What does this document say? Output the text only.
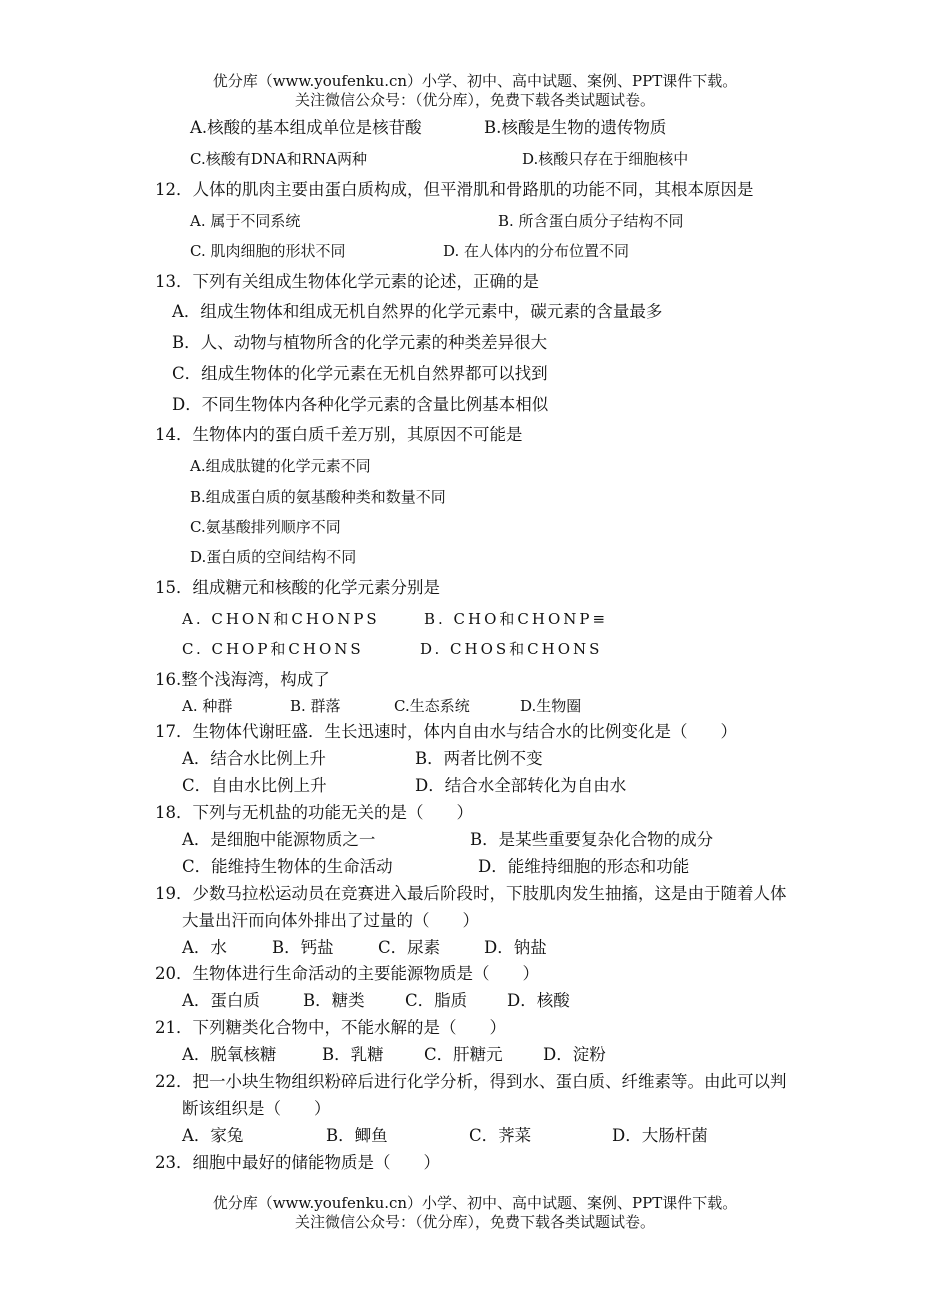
优分库（www.youfenku.cn）小学、初中、高中试题、案例、PPT课件下载。
关注微信公众号：（优分库），免费下载各类试题试卷。
A.核酸的基本组成单位是核苷酸	B.核酸是生物的遗传物质
C.核酸有DNA和RNA两种	D.核酸只存在于细胞核中
12．人体的肌肉主要由蛋白质构成，但平滑肌和骨路肌的功能不同，其根本原因是
A. 属于不同系统	B. 所含蛋白质分子结构不同
C. 肌肉细胞的形状不同	D. 在人体内的分布位置不同
13．下列有关组成生物体化学元素的论述，正确的是
A．组成生物体和组成无机自然界的化学元素中，碳元素的含量最多
B．人、动物与植物所含的化学元素的种类差异很大
C．组成生物体的化学元素在无机自然界都可以找到
D．不同生物体内各种化学元素的含量比例基本相似
14．生物体内的蛋白质千差万别，其原因不可能是
A.组成肽键的化学元素不同
B.组成蛋白质的氨基酸种类和数量不同
C.氨基酸排列顺序不同
D.蛋白质的空间结构不同
15．组成糖元和核酸的化学元素分别是
A. CHON和CHONPS	B. CHO和CHONP≡
C. CHOP和CHONS	D. CHOS和CHONS
16.整个浅海湾，构成了
A. 种群	B. 群落	C.生态系统	D.生物圈
17．生物体代谢旺盛．生长迅速时，体内自由水与结合水的比例变化是（　　）
A．结合水比例上升	B．两者比例不变
C．自由水比例上升	D．结合水全部转化为自由水
18．下列与无机盐的功能无关的是（　　）
A．是细胞中能源物质之一	B．是某些重要复杂化合物的成分
C．能维持生物体的生命活动	D．能维持细胞的形态和功能
19．少数马拉松运动员在竞赛进入最后阶段时，下肢肌肉发生抽搐，这是由于随着人体
大量出汗而向体外排出了过量的（　　）
A．水	B．钙盐	C．尿素	D．钠盐
20．生物体进行生命活动的主要能源物质是（　　）
A．蛋白质	B．糖类 C．脂质 D．核酸
21．下列糖类化合物中，不能水解的是（　　）
A．脱氧核糖	B．乳糖 C．肝糖元 D．淀粉
22．把一小块生物组织粉碎后进行化学分析，得到水、蛋白质、纤维素等。由此可以判
断该组织是（　　）
A．家兔	B．鲫鱼	C．荠菜	D．大肠杆菌
23．细胞中最好的储能物质是（　　）
优分库（www.youfenku.cn）小学、初中、高中试题、案例、PPT课件下载。
关注微信公众号：（优分库），免费下载各类试题试卷。
